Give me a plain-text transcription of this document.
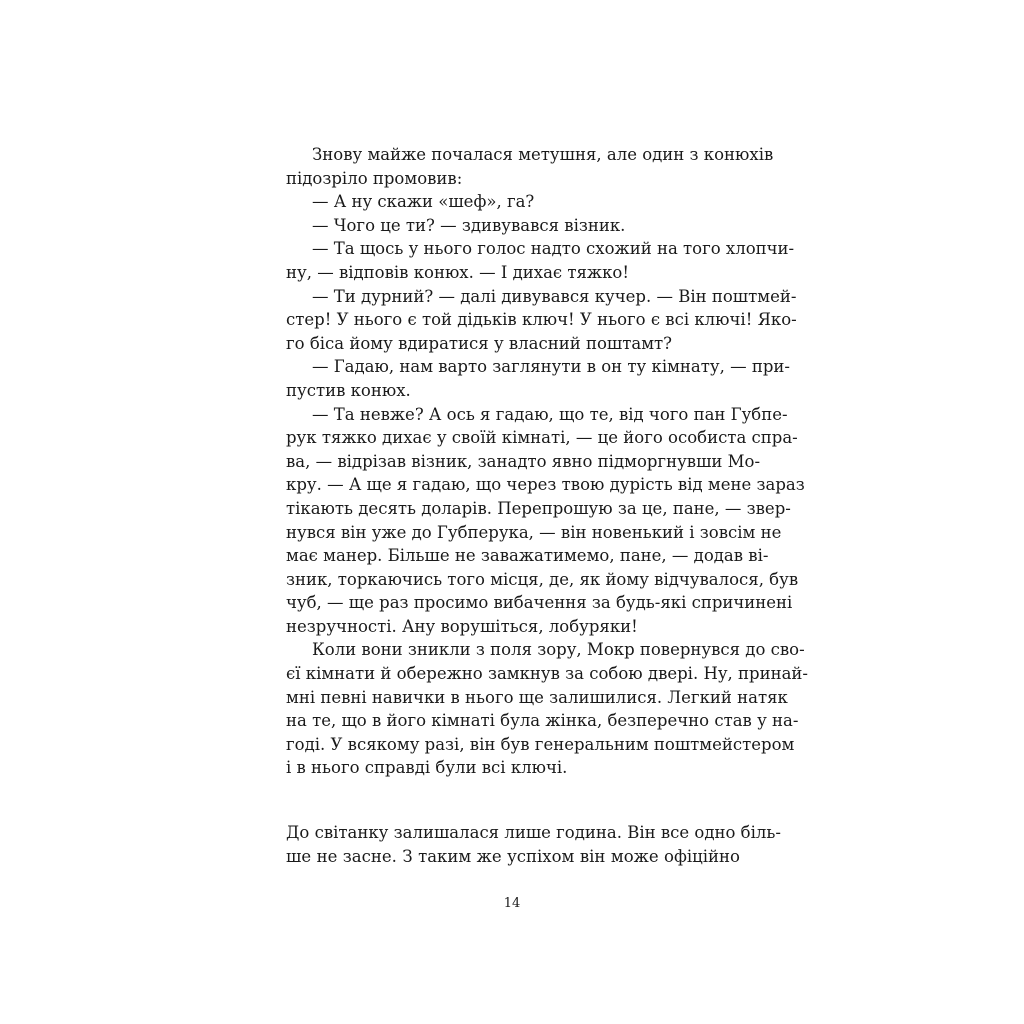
Знову майже почалася метушня, але один з конюхів
підозріло промовив:
— А ну скажи «шеф», га?
— Чого це ти? — здивувався візник.
— Та щось у нього голос надто схожий на того хлопчи-
ну, — відповів конюх. — І дихає тяжко!
— Ти дурний? — далі дивувався кучер. — Він поштмей-
стер! У нього є той дідьків ключ! У нього є всі ключі! Яко-
го біса йому вдиратися у власний поштамт?
— Гадаю, нам варто заглянути в он ту кімнату, — при-
пустив конюх.
— Та невже? А ось я гадаю, що те, від чого пан Губпе-
рук тяжко дихає у своїй кімнаті, — це його особиста спра-
ва, — відрізав візник, занадто явно підморгнувши Мо-
кру. — А ще я гадаю, що через твою дурість від мене зараз
тікають десять доларів. Перепрошую за це, пане, — звер-
нувся він уже до Губперука, — він новенький і зовсім не
має манер. Більше не заважатимемо, пане, — додав ві-
зник, торкаючись того місця, де, як йому відчувалося, був
чуб, — ще раз просимо вибачення за будь-які спричинені
незручності. Ану ворушіться, лобуряки!
Коли вони зникли з поля зору, Мокр повернувся до сво-
єї кімнати й обережно замкнув за собою двері. Ну, принай-
мні певні навички в нього ще залишилися. Легкий натяк
на те, що в його кімнаті була жінка, безперечно став у на-
годі. У всякому разі, він був генеральним поштмейстером
і в нього справді були всі ключі.
До світанку залишалася лише година. Він все одно біль-
ше не засне. З таким же успіхом він може офіційно
14
